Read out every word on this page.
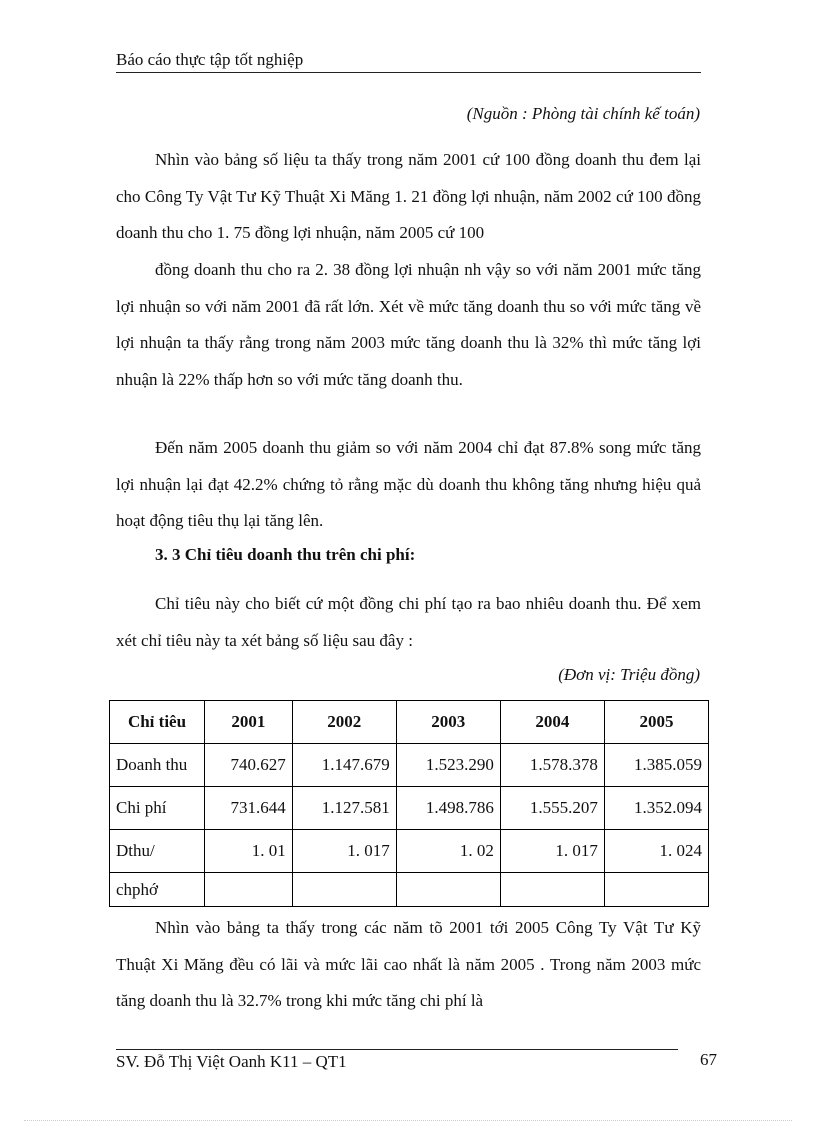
Báo cáo thực tập tốt nghiệp
(Nguồn : Phòng tài chính kế toán)

Nhìn vào bảng số liệu ta thấy trong năm 2001 cứ 100 đồng doanh thu đem lại cho Công Ty Vật Tư Kỹ Thuật Xi Măng 1. 21 đồng lợi nhuận, năm 2002 cứ 100 đồng doanh thu cho 1. 75 đồng lợi nhuận, năm 2005 cứ 100

đồng doanh thu cho ra 2. 38 đồng lợi nhuận nh vậy so với năm 2001 mức tăng lợi nhuận so với năm 2001 đã rất lớn. Xét về mức tăng doanh thu so với mức tăng về lợi nhuận ta thấy rằng trong năm 2003 mức tăng doanh thu là 32% thì mức tăng lợi nhuận là 22% thấp hơn so với mức tăng doanh thu.

Đến năm 2005 doanh thu giảm so với năm 2004 chỉ đạt 87.8% song mức tăng lợi nhuận lại đạt 42.2% chứng tỏ rằng mặc dù doanh thu không tăng nhưng hiệu quả hoạt động tiêu thụ lại tăng lên.

3. 3 Chỉ tiêu doanh thu trên chi phí:

Chỉ tiêu này cho biết cứ một đồng chi phí tạo ra bao nhiêu doanh thu. Để xem xét chỉ tiêu này ta xét bảng số liệu sau đây :

(Đơn vị: Triệu đồng)
Chỉ tiêu	2001	2002	2003	2004	2005
Doanh thu	740.627	1.147.679	1.523.290	1.578.378	1.385.059
Chi phí	731.644	1.127.581	1.498.786	1.555.207	1.352.094
Dthu/	1. 01	1. 017	1. 02	1. 017	1. 024
chphớ					

Nhìn vào bảng ta thấy trong các năm tõ 2001 tới 2005 Công Ty Vật Tư Kỹ Thuật Xi Măng đều có lãi và mức lãi cao nhất là năm 2005 . Trong năm 2003 mức tăng doanh thu là 32.7% trong khi mức tăng chi phí là

SV. Đỗ Thị Việt Oanh K11 – QT1	67
